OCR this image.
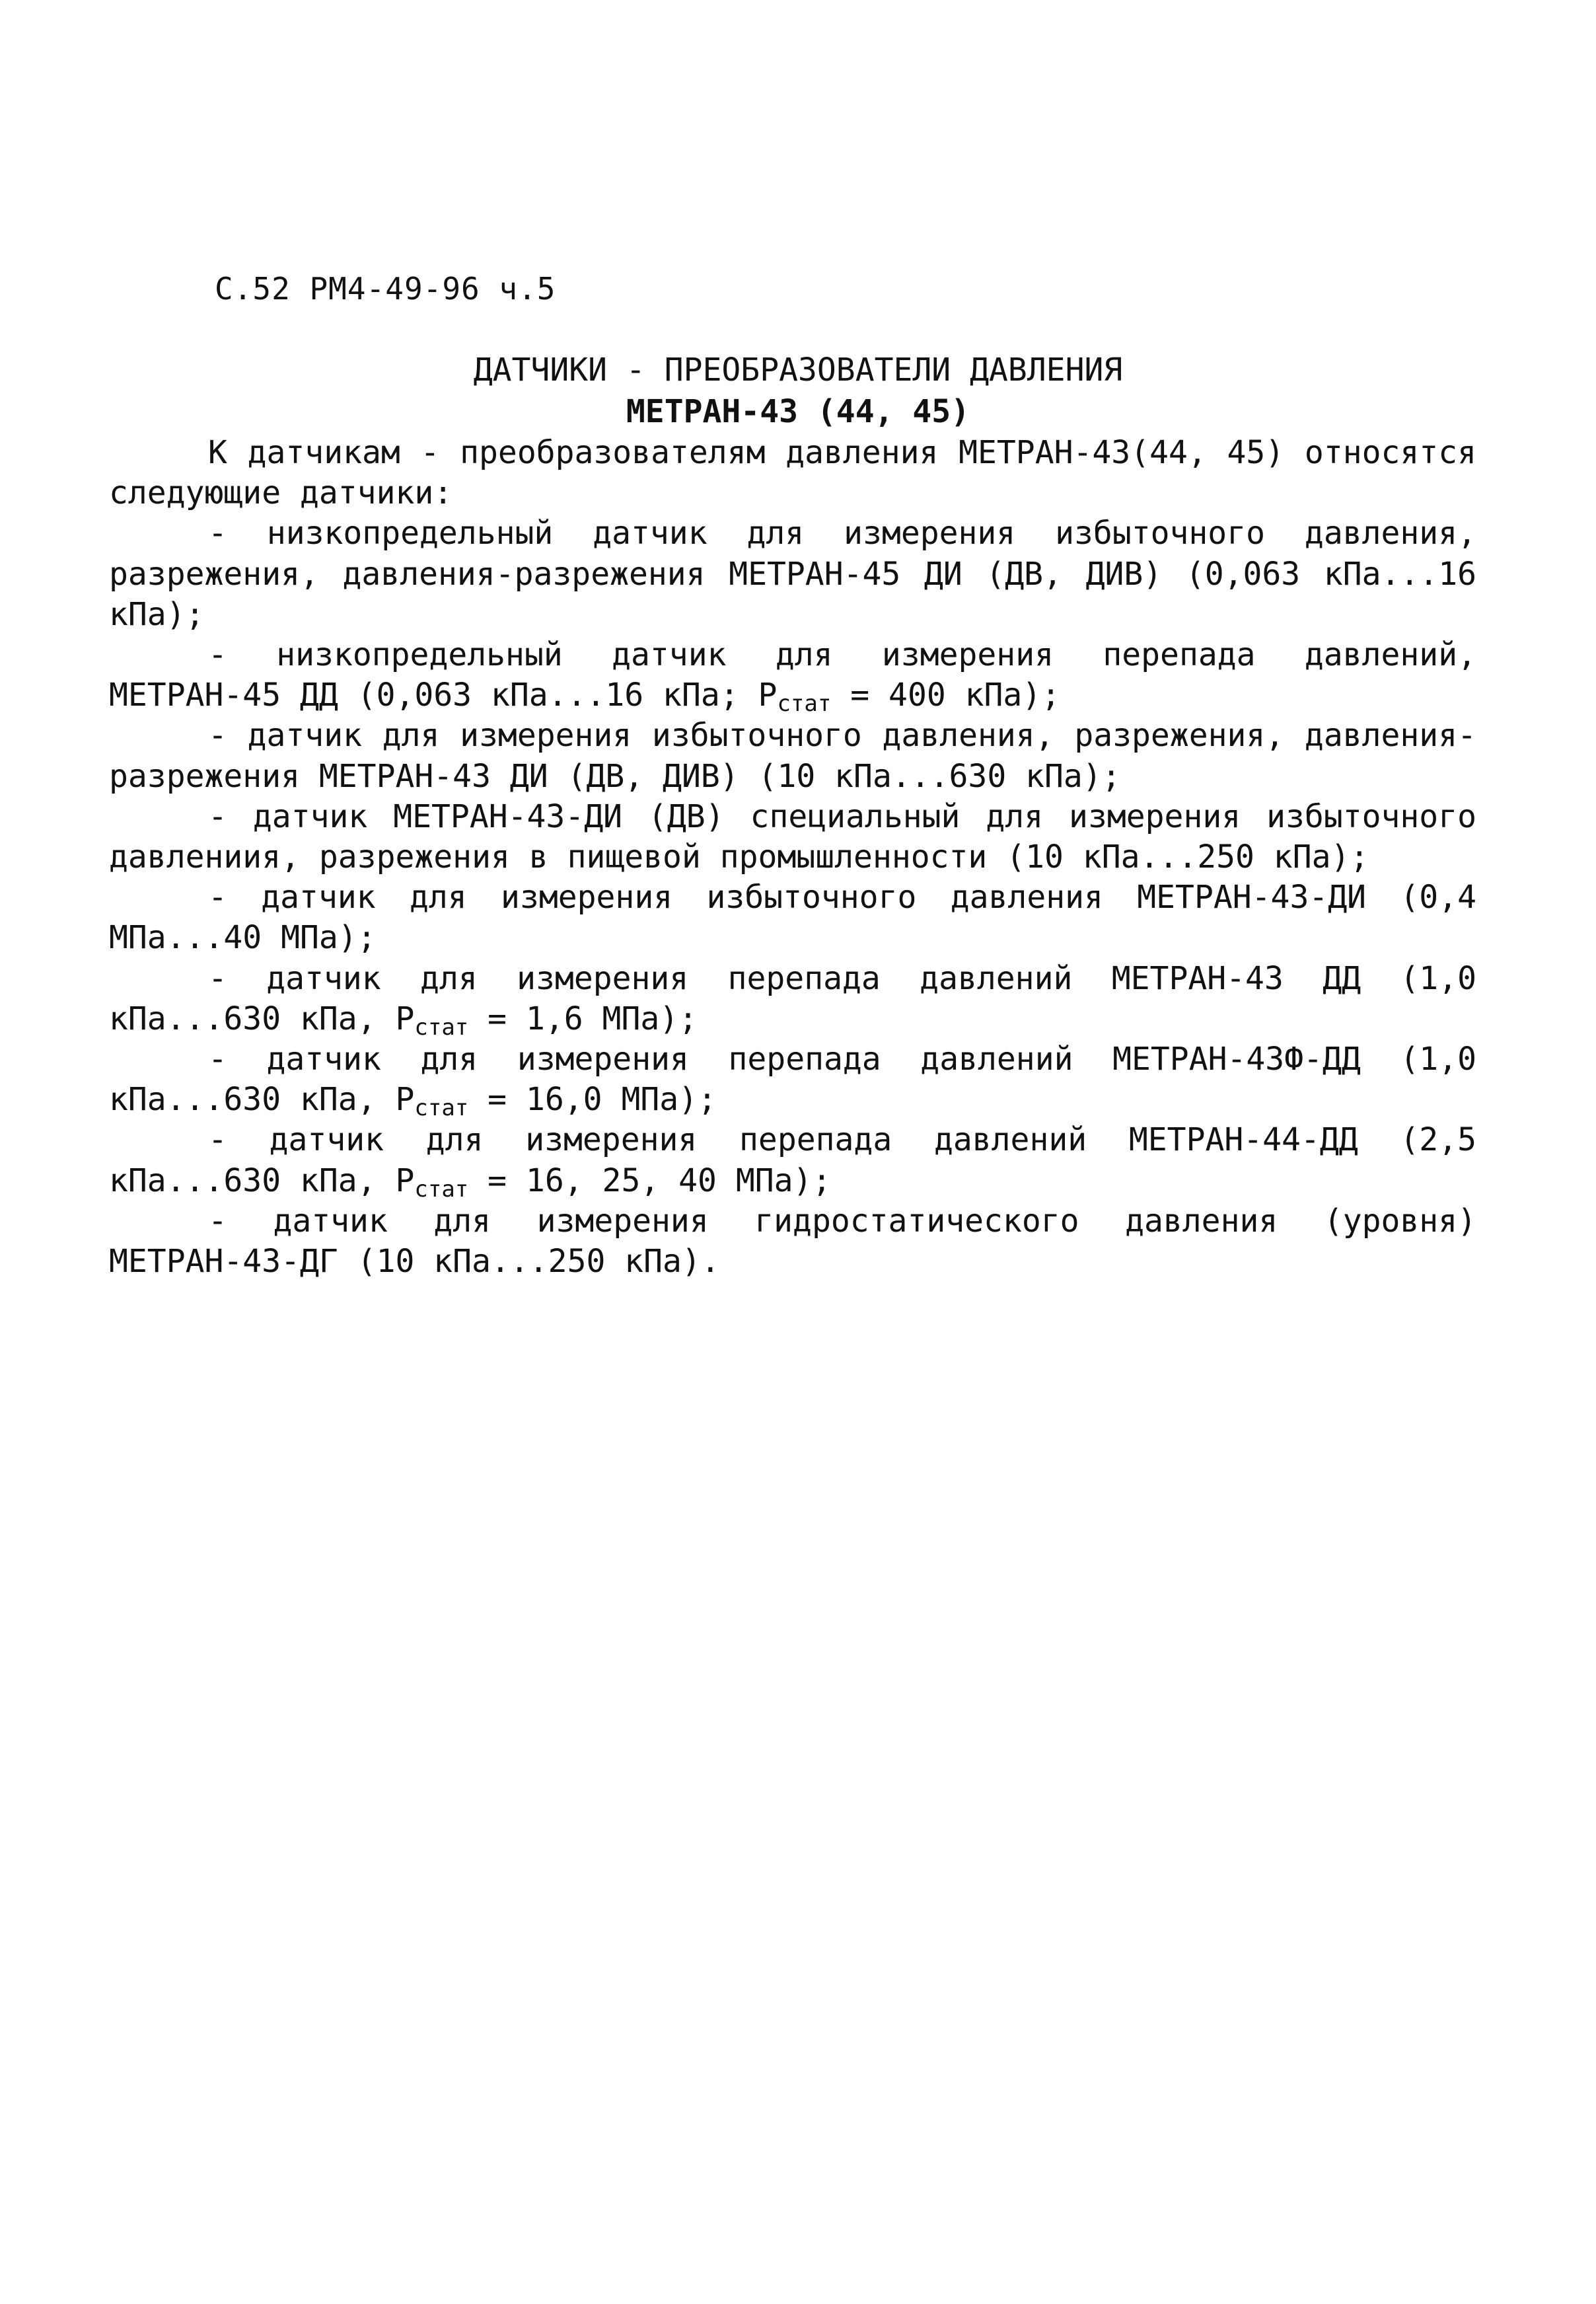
С.52 РМ4-49-96 ч.5
ДАТЧИКИ - ПРЕОБРАЗОВАТЕЛИ ДАВЛЕНИЯ
МЕТРАН-43 (44, 45)

К датчикам - преобразователям давления МЕТРАН-43(44, 45) относятся следующие датчики:

- низкопредельный датчик для измерения избыточного давления, разрежения, давления-разрежения МЕТРАН-45 ДИ (ДВ, ДИВ) (0,063 кПа...16 кПа);

- низкопредельный датчик для измерения перепада давлений, МЕТРАН-45 ДД (0,063 кПа...16 кПа; $P_{стат} = 400$ кПа);

- датчик для измерения избыточного давления, разрежения, давления-разрежения МЕТРАН-43 ДИ (ДВ, ДИВ) (10 кПа...630 кПа);

- датчик МЕТРАН-43-ДИ (ДВ) специальный для измерения избыточного давлениия, разрежения в пищевой промышленности (10 кПа...250 кПа);

- датчик для измерения избыточного давления МЕТРАН-43-ДИ (0,4 МПа...40 МПа);

- датчик для измерения перепада давлений МЕТРАН-43 ДД (1,0 кПа...630 кПа, $P_{стат} = 1,6$ МПа);

- датчик для измерения перепада давлений МЕТРАН-43Ф-ДД (1,0 кПа...630 кПа, $P_{стат} = 16,0$ МПа);

- датчик для измерения перепада давлений МЕТРАН-44-ДД (2,5 кПа...630 кПа, $P_{стат} = 16$, 25, 40 МПа);

- датчик для измерения гидростатического давления (уровня) МЕТРАН-43-ДГ (10 кПа...250 кПа).
